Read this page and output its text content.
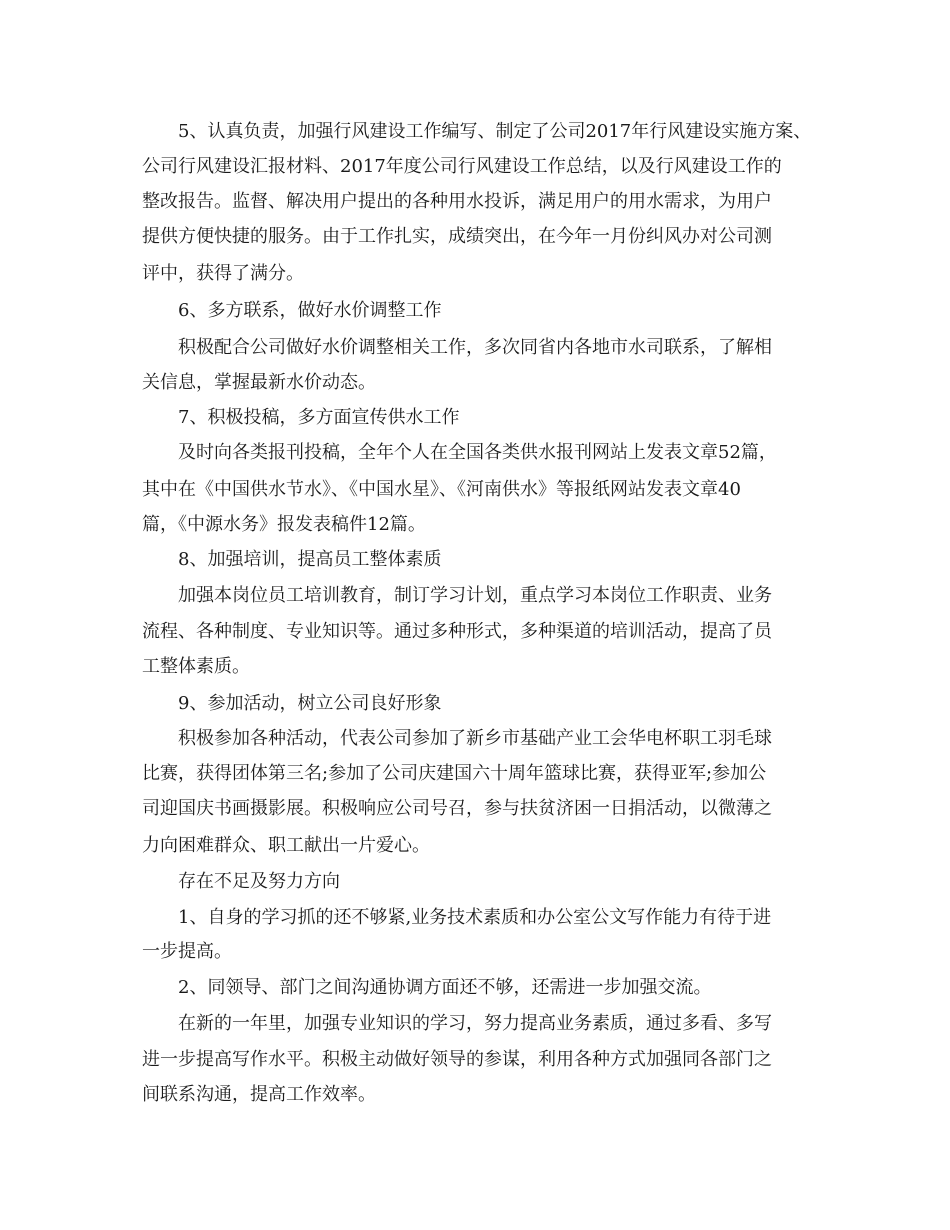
5、认真负责，加强行风建设工作编写、制定了公司2017年行风建设实施方案、
公司行风建设汇报材料、2017年度公司行风建设工作总结，以及行风建设工作的
整改报告。监督、解决用户提出的各种用水投诉，满足用户的用水需求，为用户
提供方便快捷的服务。由于工作扎实，成绩突出，在今年一月份纠风办对公司测
评中，获得了满分。
6、多方联系，做好水价调整工作
积极配合公司做好水价调整相关工作，多次同省内各地市水司联系，了解相
关信息，掌握最新水价动态。
7、积极投稿，多方面宣传供水工作
及时向各类报刊投稿，全年个人在全国各类供水报刊网站上发表文章52篇，
其中在《中国供水节水》、《中国水星》、《河南供水》等报纸网站发表文章40
篇，《中源水务》报发表稿件12篇。
8、加强培训，提高员工整体素质
加强本岗位员工培训教育，制订学习计划，重点学习本岗位工作职责、业务
流程、各种制度、专业知识等。通过多种形式，多种渠道的培训活动，提高了员
工整体素质。
9、参加活动，树立公司良好形象
积极参加各种活动，代表公司参加了新乡市基础产业工会华电杯职工羽毛球
比赛，获得团体第三名;参加了公司庆建国六十周年篮球比赛，获得亚军;参加公
司迎国庆书画摄影展。积极响应公司号召，参与扶贫济困一日捐活动，以微薄之
力向困难群众、职工献出一片爱心。
存在不足及努力方向
1、自身的学习抓的还不够紧,业务技术素质和办公室公文写作能力有待于进
一步提高。
2、同领导、部门之间沟通协调方面还不够，还需进一步加强交流。
在新的一年里，加强专业知识的学习，努力提高业务素质，通过多看、多写
进一步提高写作水平。积极主动做好领导的参谋，利用各种方式加强同各部门之
间联系沟通，提高工作效率。
